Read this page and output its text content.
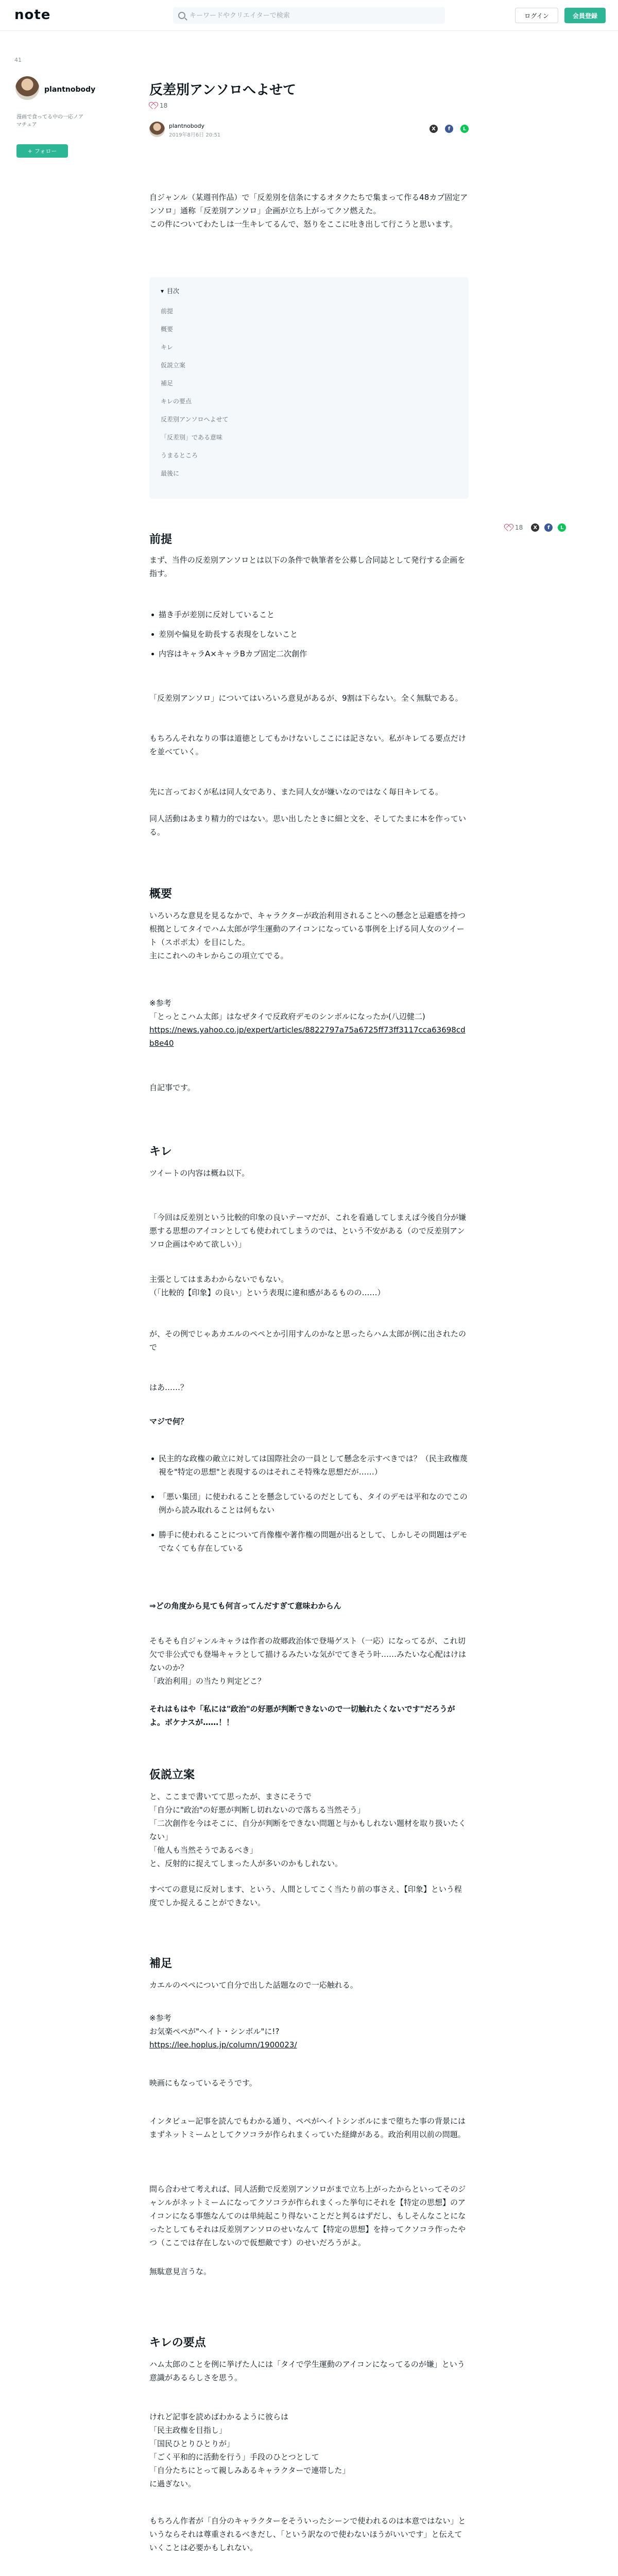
note
キーワードやクリエイターで検索	ログイン	会員登録
41
plantnobody
漫画で食ってる中の一応ノアマチュア
+ フォロー
反差別アンソロへよせて
18
plantnobody
2019年8月6日 20:51
X	f	L

自ジャンル（某週刊作品）で「反差別を信条にするオタクたちで集まって作る48カプ固定アンソロ」通称「反差別アンソロ」企画が立ち上がってクソ燃えた。

この件についてわたしは一生キレてるんで、怒りをここに吐き出して行こうと思います。

▾ 目次
前提
概要
キレ
仮説立案
補足
キレの要点
反差別アンソロへよせて
「反差別」である意味
うまるところ
最後に
18	X	f	L
前提
まず、当件の反差別アンソロとは以下の条件で執筆者を公募し合同誌として発行する企画を指す。
描き手が差別に反対していること
差別や偏見を助長する表現をしないこと
内容はキャラA×キャラBカプ固定二次創作
「反差別アンソロ」についてはいろいろ意見があるが、9割は下らない。全く無駄である。
もちろんそれなりの事は道徳としてもかけないしここには記さない。私がキレてる要点だけを並べていく。
先に言っておくが私は同人女であり、また同人女が嫌いなのではなく毎日キレてる。
同人活動はあまり精力的ではない。思い出したときに細と文を、そしてたまに本を作っている。
概要
いろいろな意見を見るなかで、キャラクターが政治利用されることへの懸念と忌避感を持つ根拠としてタイでハム太郎が学生運動のアイコンになっている事例を上げる同人女のツイート（スポポ太）を目にした。
主にこれへのキレからこの項立てでる。

※参考

「とっとこハム太郎」はなぜタイで反政府デモのシンボルになったか(八辺健二)

https://news.yahoo.co.jp/expert/articles/8822797a75a6725ff73ff3117cca63698cdb8e40

自記事です。
キレ
ツイートの内容は概ね以下。
「今回は反差別という比較的印象の良いテーマだが、これを看過してしまえば今後自分が嫌悪する思想のアイコンとしても使われてしまうのでは、という不安がある（ので反差別アンソロ企画はやめて欲しい）」

主張としてはまあわからないでもない。

（「比較的【印象】の良い」という表現に違和感があるものの……）

が、その例でじゃあカエルのペペとか引用すんのかなと思ったらハム太郎が例に出されたので
はあ……？
マジで何？
民主的な政権の敵立に対しては国際社会の一員として懸念を示すべきでは？（民主政権蔑視を"特定の思想"と表現するのはそれこそ特殊な思想だが……）
「悪い集団」に使われることを懸念しているのだとしても、タイのデモは平和なのでこの例から読み取れることは何もない
勝手に使われることについて肖像権や著作権の問題が出るとして、しかしその問題はデモでなくても存在している
⇒どの角度から見ても何言ってんだすぎて意味わからん
そもそも自ジャンルキャラは作者の故郷政治体で登場ゲスト（一応）になってるが、これ切欠で非公式でも登場キャラとして描けるみたいな気がでてきそう叶……みたいな心配はけはないのか？
「政治利用」の当たり判定どこ？
それはもはや「私には"政治"の好悪が判断できないので一切触れたくないです"だろうがよ。ボケナスが……！！
仮説立案

と、ここまで書いてて思ったが、まさにそうで

「自分に"政治"の好悪が判断し切れないので落ちる当然そう」

「二次創作を今はそこに、自分が判断をできない問題と与かもしれない題材を取り扱いたくない」

「他人も当然そうであるべき」

と、反射的に捉えてしまった人が多いのかもしれない。

すべての意見に反対します、という、人間としてこく当たり前の事さえ、【印象】という程度でしか捉えることができない。
補足
カエルのペペについて自分で出した話題なので一応触れる。

※参考

お気楽ペペが"ヘイト・シンボル"に!?

https://lee.hoplus.jp/column/1900023/

映画にもなっているそうです。
インタビュー記事を読んでもわかる通り、ペペがヘイトシンボルにまで堕ちた事の背景にはまずネットミームとしてクソコラが作られまくっていた経緯がある。政治利用以前の問題。
問ら合わせて考えれば、同人活動で反差別アンソロがまで立ち上がったからといってそのジャンルがネットミームになってクソコラが作られまくった挙句にそれを【特定の思想】のアイコンになる事態なんてのは単純起こり得ないことだと判るはずだし、もしそんなことになったとしてもそれは反差別アンソロのせいなんて【特定の思想】を持ってクソコラ作ったやつ（ここでは存在しないので仮想敵です）のせいだろうがよ。
無駄意見言うな。
キレの要点
ハム太郎のことを例に挙げた人には「タイで学生運動のアイコンになってるのが嫌」という意識があるらしさを思う。

けれど記事を読めばわかるように彼らは

「民主政権を目指し」

「国民ひとりひとりが」

「ごく平和的に活動を行う」手段のひとつとして

「自分たちにとって親しみあるキャラクターで連帯した」

に過ぎない。

もちろん作者が「自分のキャラクターをそういったシーンで使われるのは本意ではない」というならそれは尊重されるべきだし、「という訳なので使わないほうがいいです」と伝えていくことは必要かもしれない。
